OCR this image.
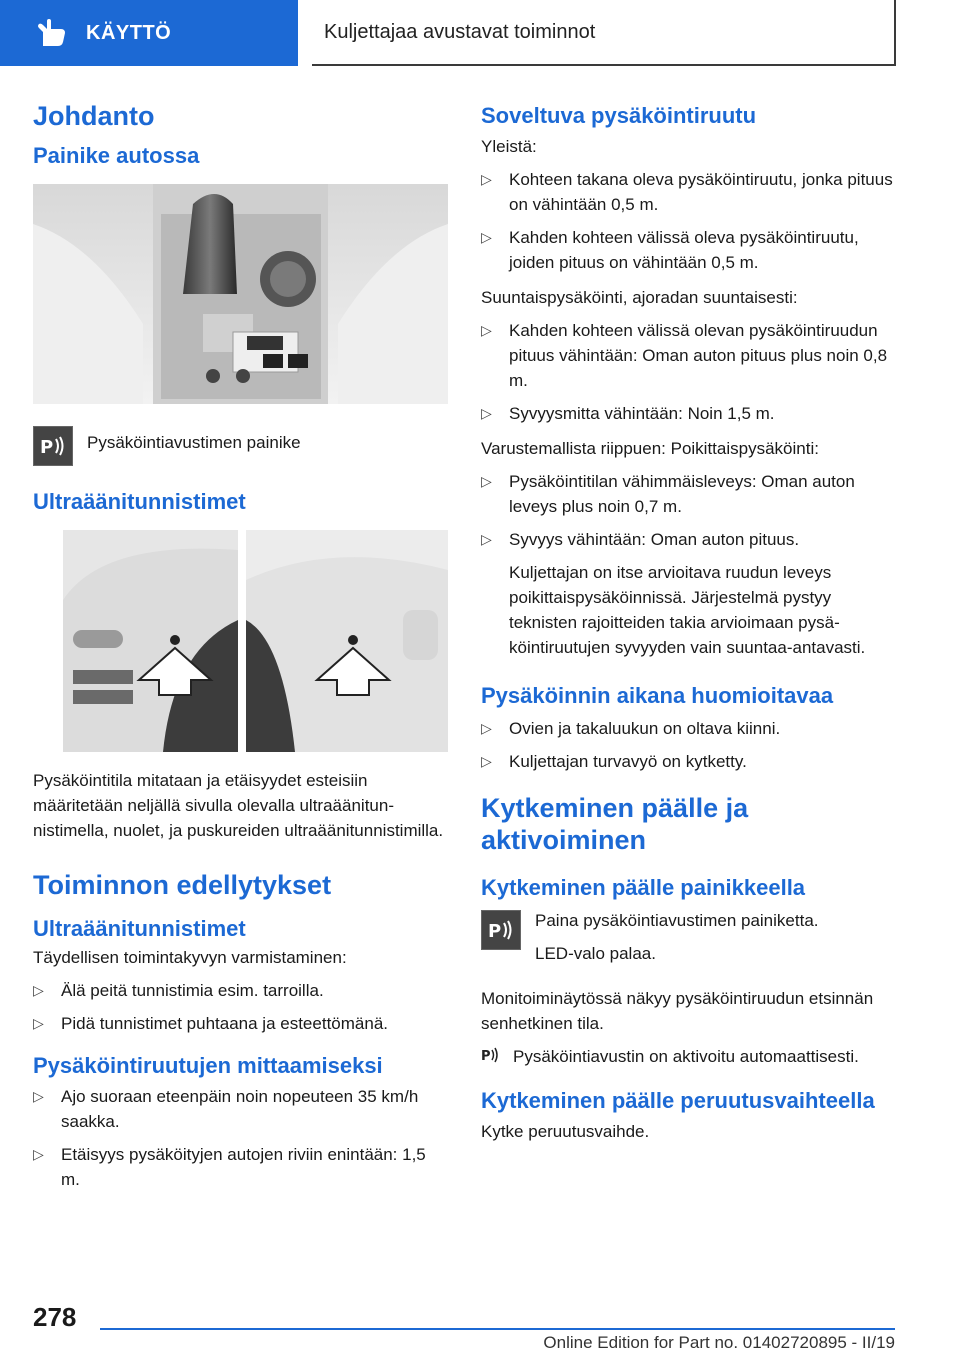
KÄYTTÖ	Kuljettajaa avustavat toiminnot
Johdanto
Painike autossa
P Pysäköintiavustimen painike
Ultraäänitunnistimet

Pysäköintitila mitataan ja etäisyydet esteisiin määritetään neljällä sivulla olevalla ultraäänitunnistimella, nuolet, ja puskureiden ultraäänitunnistimilla.

Toiminnon edellytykset
Ultraäänitunnistimet

Täydellisen toimintakyvyn varmistaminen:

▷ Älä peitä tunnistimia esim. tarroilla.
▷ Pidä tunnistimet puhtaana ja esteettömänä.
Pysäköintiruutujen mittaamiseksi
▷ Ajo suoraan eteenpäin noin nopeuteen 35 km/h saakka.
▷ Etäisyys pysäköityjen autojen riviin enintään: 1,5 m.
Soveltuva pysäköintiruutu

Yleistä:

▷ Kohteen takana oleva pysäköintiruutu, jonka pituus on vähintään 0,5 m.
▷ Kahden kohteen välissä oleva pysäköintiruutu, joiden pituus on vähintään 0,5 m.

Suuntaispysäköinti, ajoradan suuntaisesti:

▷ Kahden kohteen välissä olevan pysäköintiruudun pituus vähintään: Oman auton pituus plus noin 0,8 m.
▷ Syvyysmitta vähintään: Noin 1,5 m.

Varustemallista riippuen: Poikittaispysäköinti:

▷ Pysäköintitilan vähimmäisleveys: Oman auton leveys plus noin 0,7 m.
▷ Syvyys vähintään: Oman auton pituus.

Kuljettajan on itse arvioitava ruudun leveys poikittaispysäköinnissä. Järjestelmä pystyy teknisten rajoitteiden takia arvioimaan pysäköintiruutujen syvyyden vain suuntaa-antavasti.

Pysäköinnin aikana huomioitavaa
▷ Ovien ja takaluukun on oltava kiinni.
▷ Kuljettajan turvavyö on kytketty.
Kytkeminen päälle ja aktivoiminen
Kytkeminen päälle painikkeella
P

Paina pysäköintiavustimen painiketta.

LED-valo palaa.

Monitoiminäytössä näkyy pysäköintiruudun etsinnän senhetkinen tila.

P Pysäköintiavustin on aktivoitu automaattisesti.

Kytkeminen päälle peruutusvaihteella

Kytke peruutusvaihde.

278
Online Edition for Part no. 01402720895 - II/19
